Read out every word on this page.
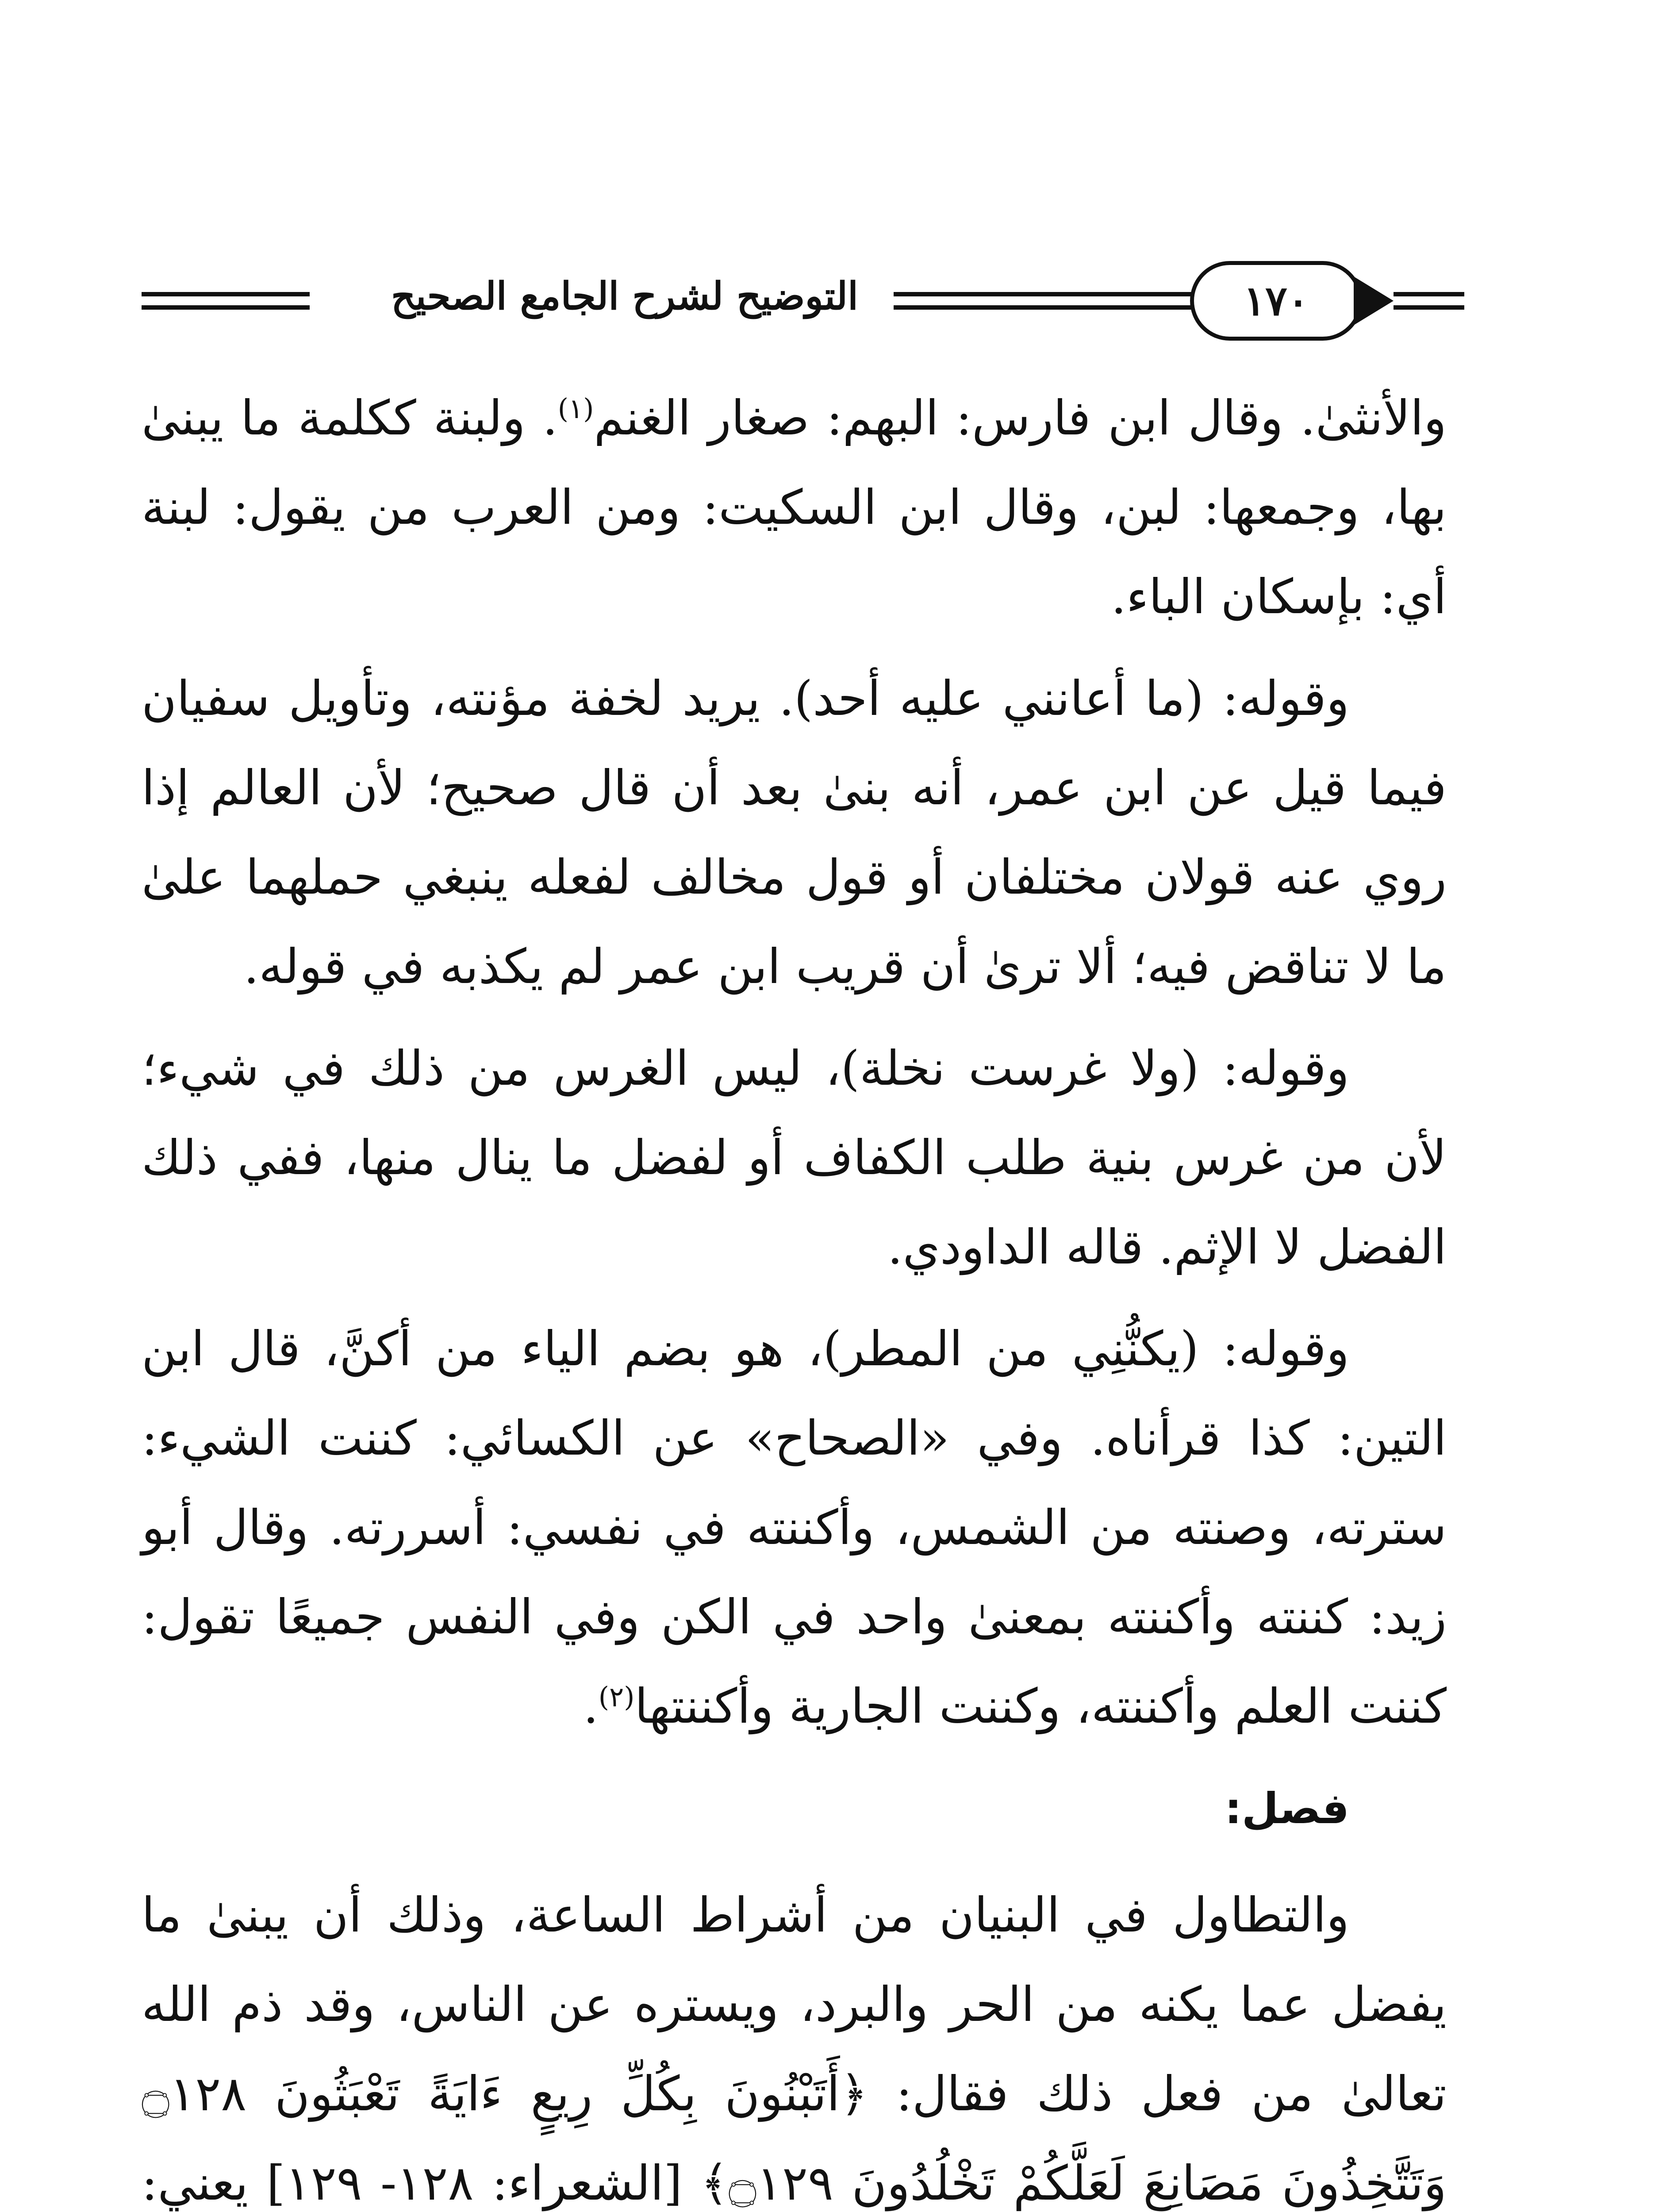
التوضيح لشرح الجامع الصحيح	١٧٠

والأنثىٰ. وقال ابن فارس: البهم: صغار الغنم$^{(١)}$. ولبنة ككلمة ما يبنىٰ بها، وجمعها: لبن، وقال ابن السكيت: ومن العرب من يقول: لبنة أي: بإسكان الباء.

وقوله: (ما أعانني عليه أحد). يريد لخفة مؤنته، وتأويل سفيان فيما قيل عن ابن عمر، أنه بنىٰ بعد أن قال صحيح؛ لأن العالم إذا روي عنه قولان مختلفان أو قول مخالف لفعله ينبغي حملهما علىٰ ما لا تناقض فيه؛ ألا ترىٰ أن قريب ابن عمر لم يكذبه في قوله.

وقوله: (ولا غرست نخلة)، ليس الغرس من ذلك في شيء؛ لأن من غرس بنية طلب الكفاف أو لفضل ما ينال منها، ففي ذلك الفضل لا الإثم. قاله الداودي.

وقوله: (يكنُّنِي من المطر)، هو بضم الياء من أكنَّ، قال ابن التين: كذا قرأناه. وفي «الصحاح» عن الكسائي: كننت الشيء: سترته، وصنته من الشمس، وأكننته في نفسي: أسررته. وقال أبو زيد: كننته وأكننته بمعنىٰ واحد في الكن وفي النفس جميعًا تقول: كننت العلم وأكننته، وكننت الجارية وأكننتها$^{(٢)}$.

فصل:

والتطاول في البنيان من أشراط الساعة، وذلك أن يبنىٰ ما يفضل عما يكنه من الحر والبرد، ويستره عن الناس، وقد ذم الله تعالىٰ من فعل ذلك فقال: ﴿أَتَبْنُونَ بِكُلِّ رِيعٍ ءَايَةً تَعْبَثُونَ ۝١٢٨ وَتَتَّخِذُونَ مَصَانِعَ لَعَلَّكُمْ تَخْلُدُونَ ۝١٢٩﴾ [الشعراء: ١٢٨- ١٢٩] يعني:
